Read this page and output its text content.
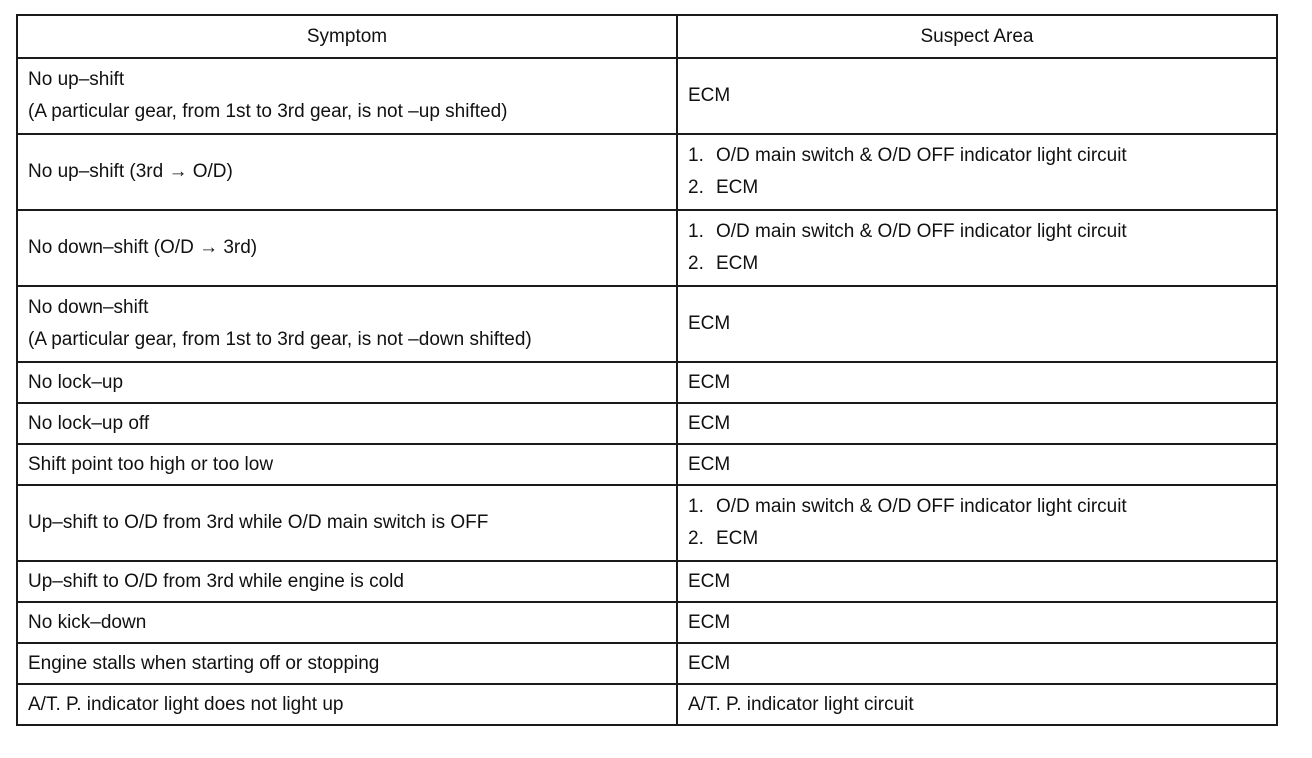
Symptom	Suspect Area

No up–shift
(A particular gear, from 1st to 3rd gear, is not –up shifted)	ECM

No up–shift (3rd → O/D)	1. O/D main switch & O/D OFF indicator light circuit
2. ECM

No down–shift (O/D → 3rd)	1. O/D main switch & O/D OFF indicator light circuit
2. ECM

No down–shift
(A particular gear, from 1st to 3rd gear, is not –down shifted)	ECM

No lock–up	ECM
No lock–up off	ECM
Shift point too high or too low	ECM

Up–shift to O/D from 3rd while O/D main switch is OFF	1. O/D main switch & O/D OFF indicator light circuit
2. ECM

Up–shift to O/D from 3rd while engine is cold	ECM
No kick–down	ECM
Engine stalls when starting off or stopping	ECM
A/T. P. indicator light does not light up	A/T. P. indicator light circuit
